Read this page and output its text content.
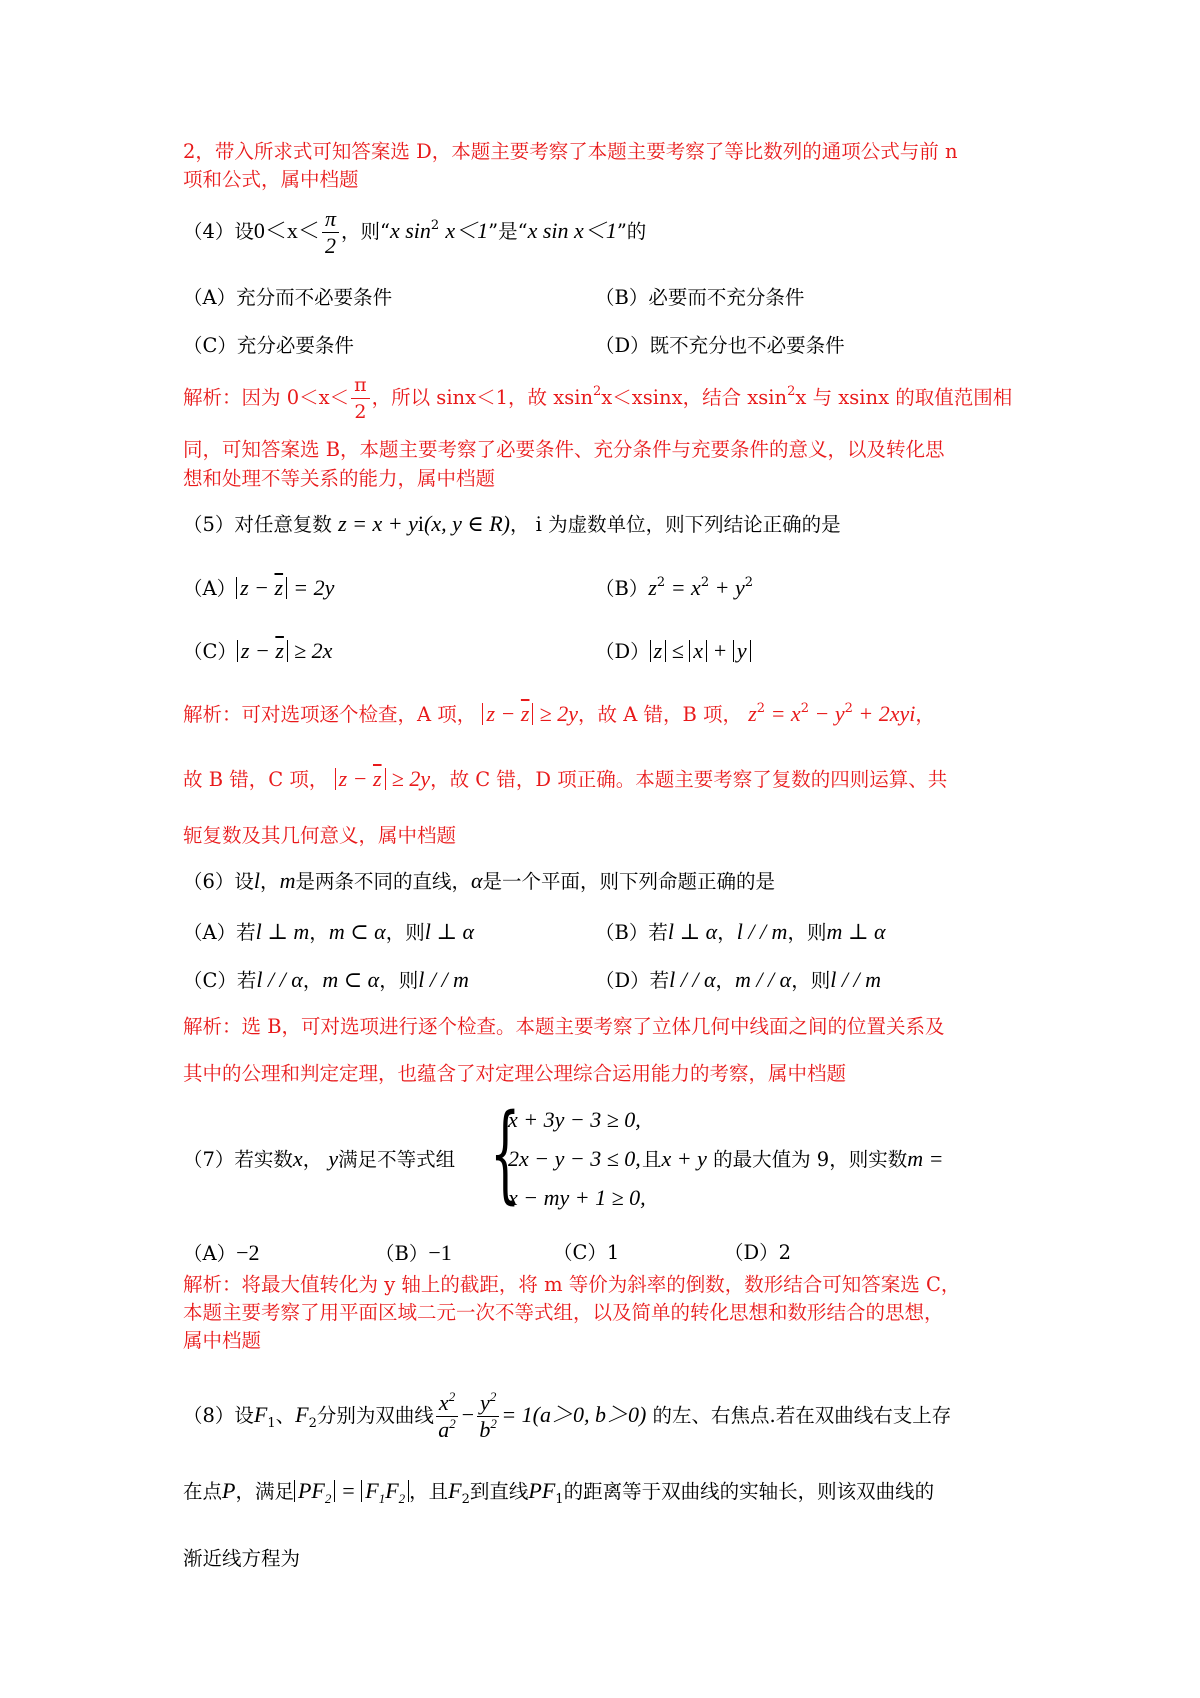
2，带入所求式可知答案选 D，本题主要考察了本题主要考察了等比数列的通项公式与前 n
项和公式，属中档题
（4）设$0<x< \frac{\pi}{2}$ ，则“x $\sin^2 x<1$”是“x sin x＜1”的
（A）充分而不必要条件	（B）必要而不充分条件
（C）充分必要条件	（D）既不充分也不必要条件
解析：因为 $0<x< \frac{\pi}{2}$ ，所以 sinx＜1，故 xsin$^2$x＜xsinx，结合 xsin$^2$x 与 xsinx 的取值范围相
同，可知答案选 B，本题主要考察了必要条件、充分条件与充要条件的意义，以及转化思
想和处理不等关系的能力，属中档题
（5）对任意复数 z = x + yi(x, y ∈ R)， i 为虚数单位，则下列结论正确的是
（A） $z - \overline{z} = 2y$	$(B)z^2 = x^2 + y^2$
（C） $z - \overline{z} \ge 2x$	（D） z ≤ x + y
解析：可对选项逐个检查，A 项， $z - \overline{z} \ge 2y$，故 A 错，B 项， $z^2 = x^2 - y^2 + 2xyi$，
故 B 错，C 项， $z - \overline{z} \ge 2y$，故 C 错，D 项正确。本题主要考察了复数的四则运算、共
轭复数及其几何意义，属中档题
（6）设l，m是两条不同的直线，α是一个平面，则下列命题正确的是
（A）若l ⊥ m，m ⊂ α，则l ⊥ α	（B）若l ⊥ α，l / / m，则m ⊥ α
（C）若l / / α，m ⊂ α，则l / / m	（D）若l / / α，m / / α，则l / / m
解析：选 B，可对选项进行逐个检查。本题主要考察了立体几何中线面之间的位置关系及
其中的公理和判定定理，也蕴含了对定理公理综合运用能力的考察，属中档题
（7）若实数x， y满足不等式组 {
x + 3y − 3 ≥ 0,
2x − y − 3 ≤ 0,
x − my + 1 ≥ 0,
且x + y 的最大值为 9，则实数m =
（A）−2	（B）−1	（C）1	（D）2
解析：将最大值转化为 y 轴上的截距，将 m 等价为斜率的倒数，数形结合可知答案选 C，
本题主要考察了用平面区域二元一次不等式组，以及简单的转化思想和数形结合的思想，
属中档题
（8）设$F_1$、$F_2$分别为双曲线 $\frac{x^2}{a^2} - \frac{y^2}{b^2} = 1(a>0$, b＞0) 的左、右焦点.若在双曲线右支上存
在点P，满足 $PF_2 = F_1F_2$ ，且$F_2$到直线$PF_1$的距离等于双曲线的实轴长，则该双曲线的
渐近线方程为
